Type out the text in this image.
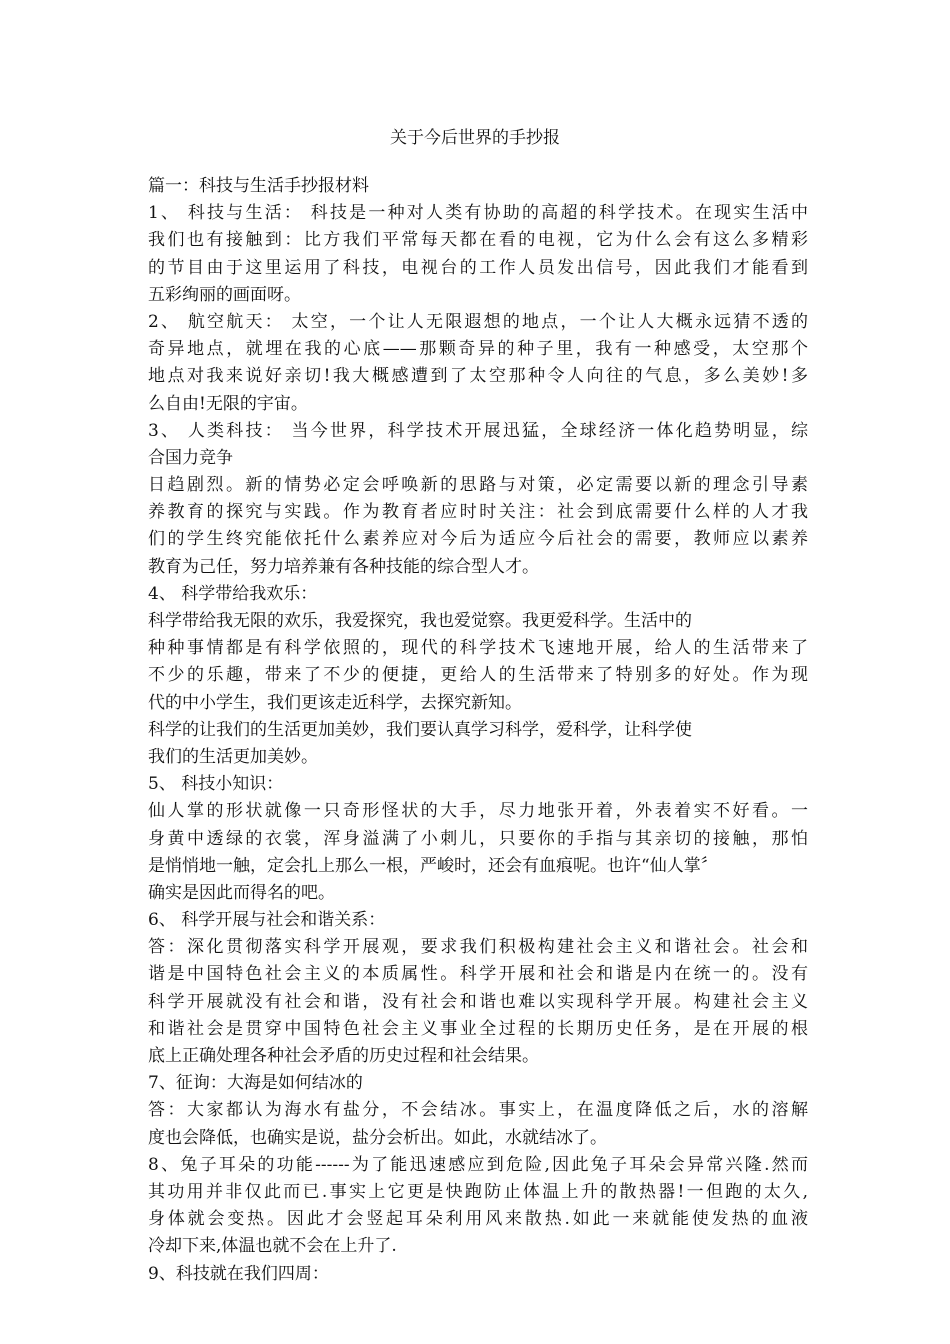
关于今后世界的手抄报
篇一：科技与生活手抄报材料
1、 科技与生活： 科技是一种对人类有协助的高超的科学技术。在现实生活中
我们也有接触到：比方我们平常每天都在看的电视，它为什么会有这么多精彩
的节目由于这里运用了科技，电视台的工作人员发出信号，因此我们才能看到
五彩绚丽的画面呀。
2、 航空航天： 太空，一个让人无限遐想的地点，一个让人大概永远猜不透的
奇异地点，就埋在我的心底——那颗奇异的种子里，我有一种感受，太空那个
地点对我来说好亲切!我大概感遭到了太空那种令人向往的气息，多么美妙!多
么自由!无限的宇宙。
3、 人类科技： 当今世界，科学技术开展迅猛，全球经济一体化趋势明显，综
合国力竞争
日趋剧烈。新的情势必定会呼唤新的思路与对策，必定需要以新的理念引导素
养教育的探究与实践。作为教育者应时时关注：社会到底需要什么样的人才我
们的学生终究能依托什么素养应对今后为适应今后社会的需要，教师应以素养
教育为己任，努力培养兼有各种技能的综合型人才。
4、 科学带给我欢乐：
科学带给我无限的欢乐，我爱探究，我也爱觉察。我更爱科学。生活中的
种种事情都是有科学依照的，现代的科学技术飞速地开展，给人的生活带来了
不少的乐趣，带来了不少的便捷，更给人的生活带来了特别多的好处。作为现
代的中小学生，我们更该走近科学，去探究新知。
科学的让我们的生活更加美妙，我们要认真学习科学，爱科学，让科学使
我们的生活更加美妙。
5、 科技小知识：
仙人掌的形状就像一只奇形怪状的大手，尽力地张开着，外表着实不好看。一
身黄中透绿的衣裳，浑身溢满了小刺儿，只要你的手指与其亲切的接触，那怕
是悄悄地一触，定会扎上那么一根，严峻时，还会有血痕呢。也许“仙人掌〞
确实是因此而得名的吧。
6、 科学开展与社会和谐关系：
答：深化贯彻落实科学开展观，要求我们积极构建社会主义和谐社会。社会和
谐是中国特色社会主义的本质属性。科学开展和社会和谐是内在统一的。没有
科学开展就没有社会和谐，没有社会和谐也难以实现科学开展。构建社会主义
和谐社会是贯穿中国特色社会主义事业全过程的长期历史任务，是在开展的根
底上正确处理各种社会矛盾的历史过程和社会结果。
7、征询：大海是如何结冰的
答：大家都认为海水有盐分，不会结冰。事实上，在温度降低之后，水的溶解
度也会降低，也确实是说，盐分会析出。如此，水就结冰了。
8、兔子耳朵的功能------为了能迅速感应到危险,因此兔子耳朵会异常兴隆.然而
其功用并非仅此而已.事实上它更是快跑防止体温上升的散热器!一但跑的太久,
身体就会变热。因此才会竖起耳朵利用风来散热.如此一来就能使发热的血液
冷却下来,体温也就不会在上升了.
9、科技就在我们四周：
